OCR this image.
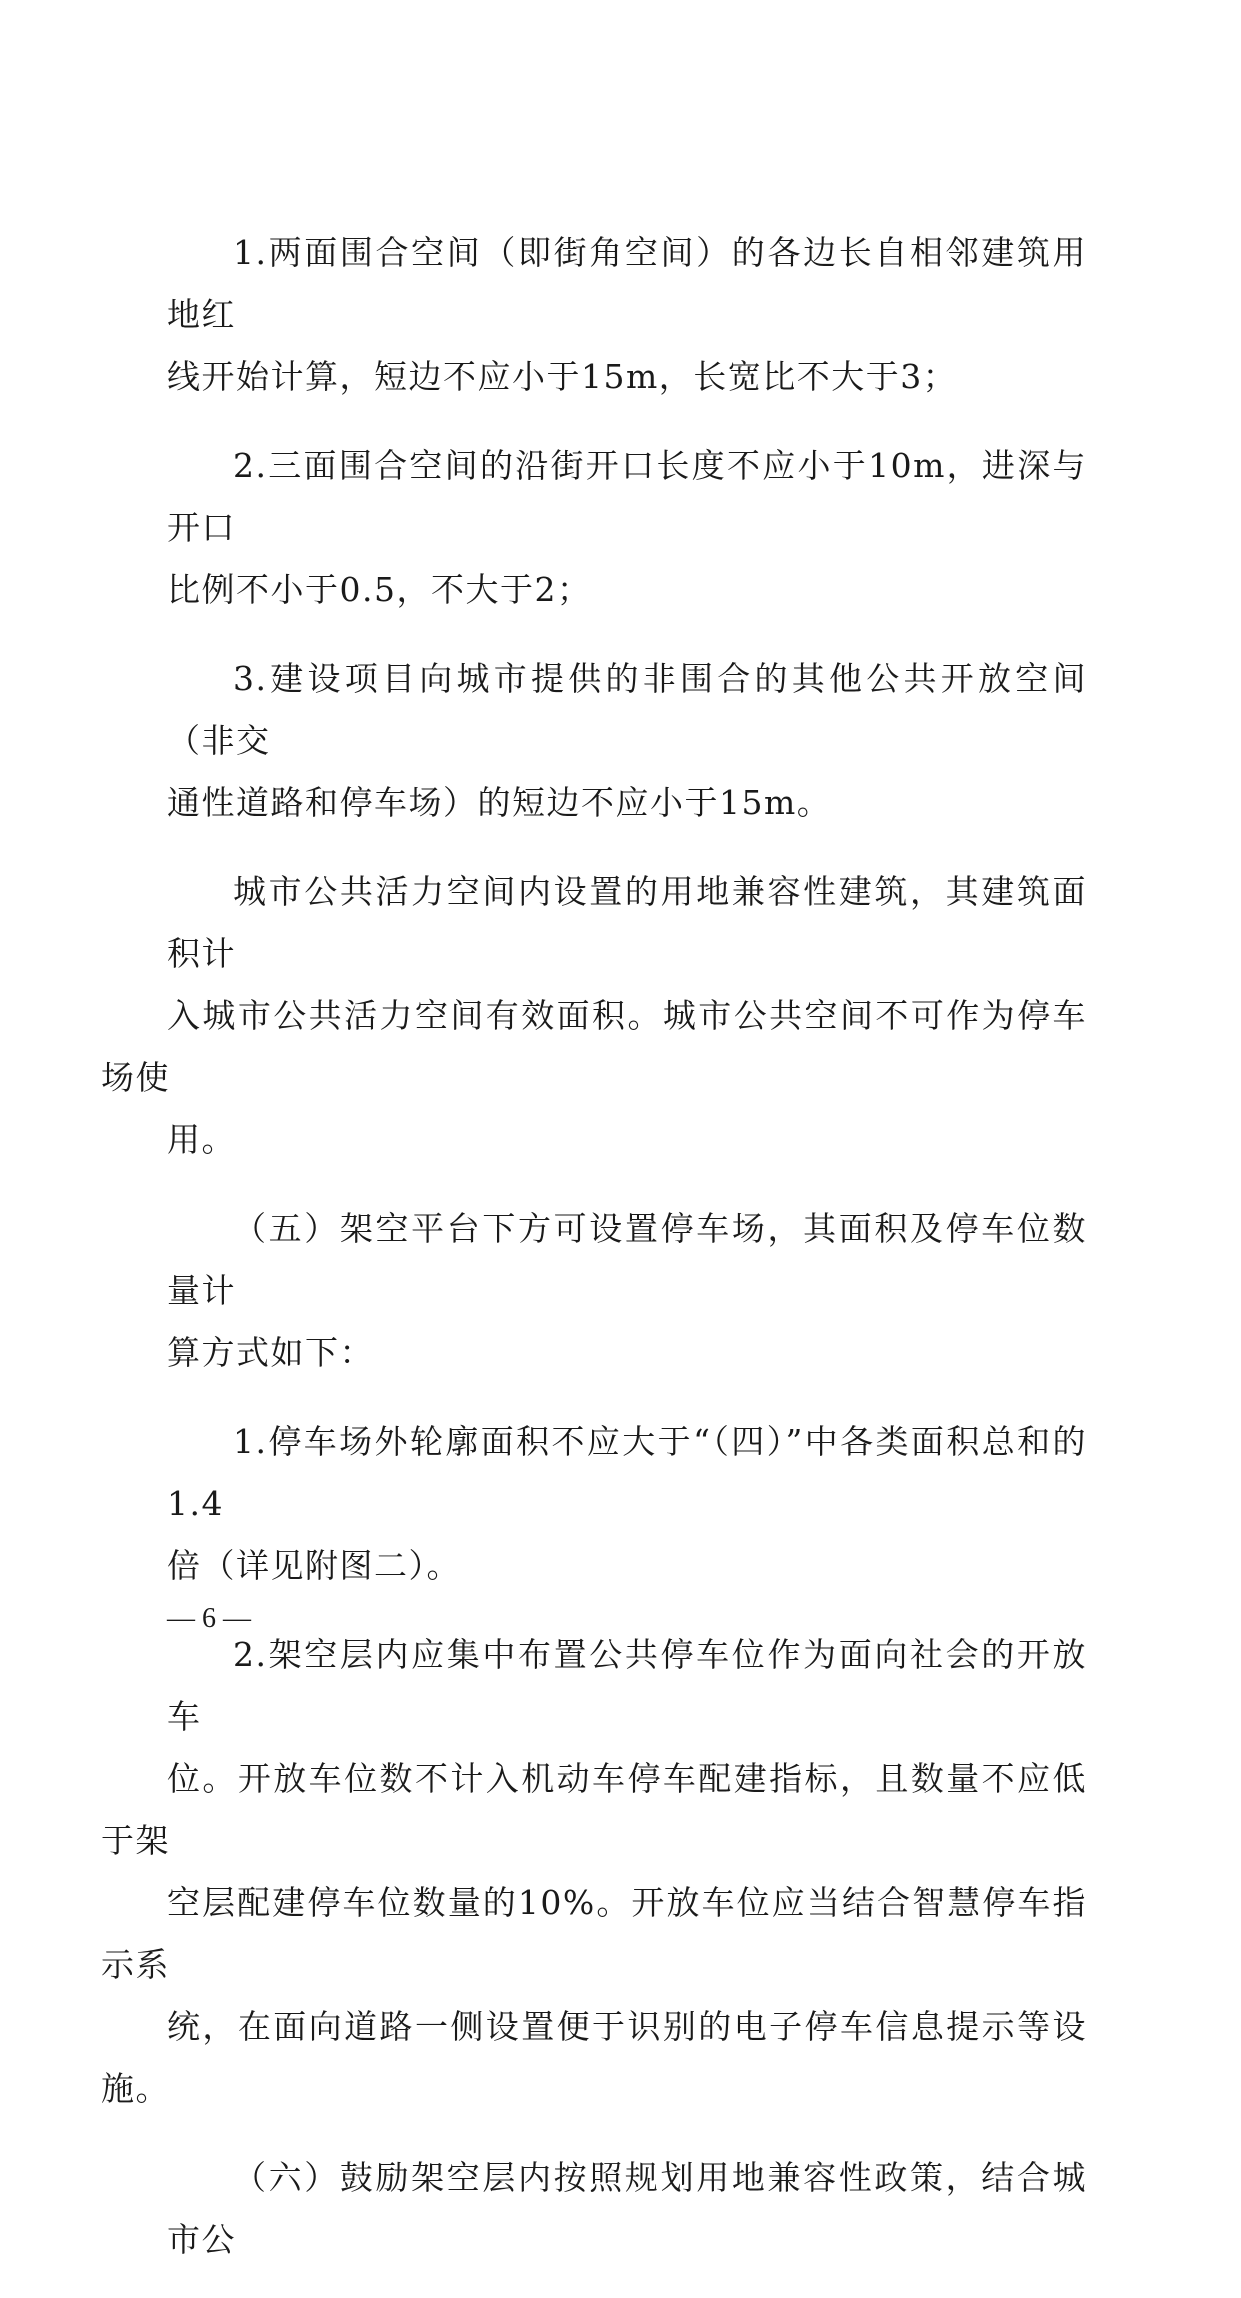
1.两面围合空间（即街角空间）的各边长自相邻建筑用地红
线开始计算，短边不应小于15m，长宽比不大于3；

2.三面围合空间的沿街开口长度不应小于10m，进深与开口
比例不小于0.5，不大于2；

3.建设项目向城市提供的非围合的其他公共开放空间（非交
通性道路和停车场）的短边不应小于15m。

城市公共活力空间内设置的用地兼容性建筑，其建筑面积计
入城市公共活力空间有效面积。城市公共空间不可作为停车场使
用。

（五）架空平台下方可设置停车场，其面积及停车位数量计
算方式如下：

1.停车场外轮廓面积不应大于“（四）”中各类面积总和的1.4
倍（详见附图二）。

2.架空层内应集中布置公共停车位作为面向社会的开放车
位。开放车位数不计入机动车停车配建指标，且数量不应低于架
空层配建停车位数量的10%。开放车位应当结合智慧停车指示系
统，在面向道路一侧设置便于识别的电子停车信息提示等设施。

（六）鼓励架空层内按照规划用地兼容性政策，结合城市公

— 6 —
